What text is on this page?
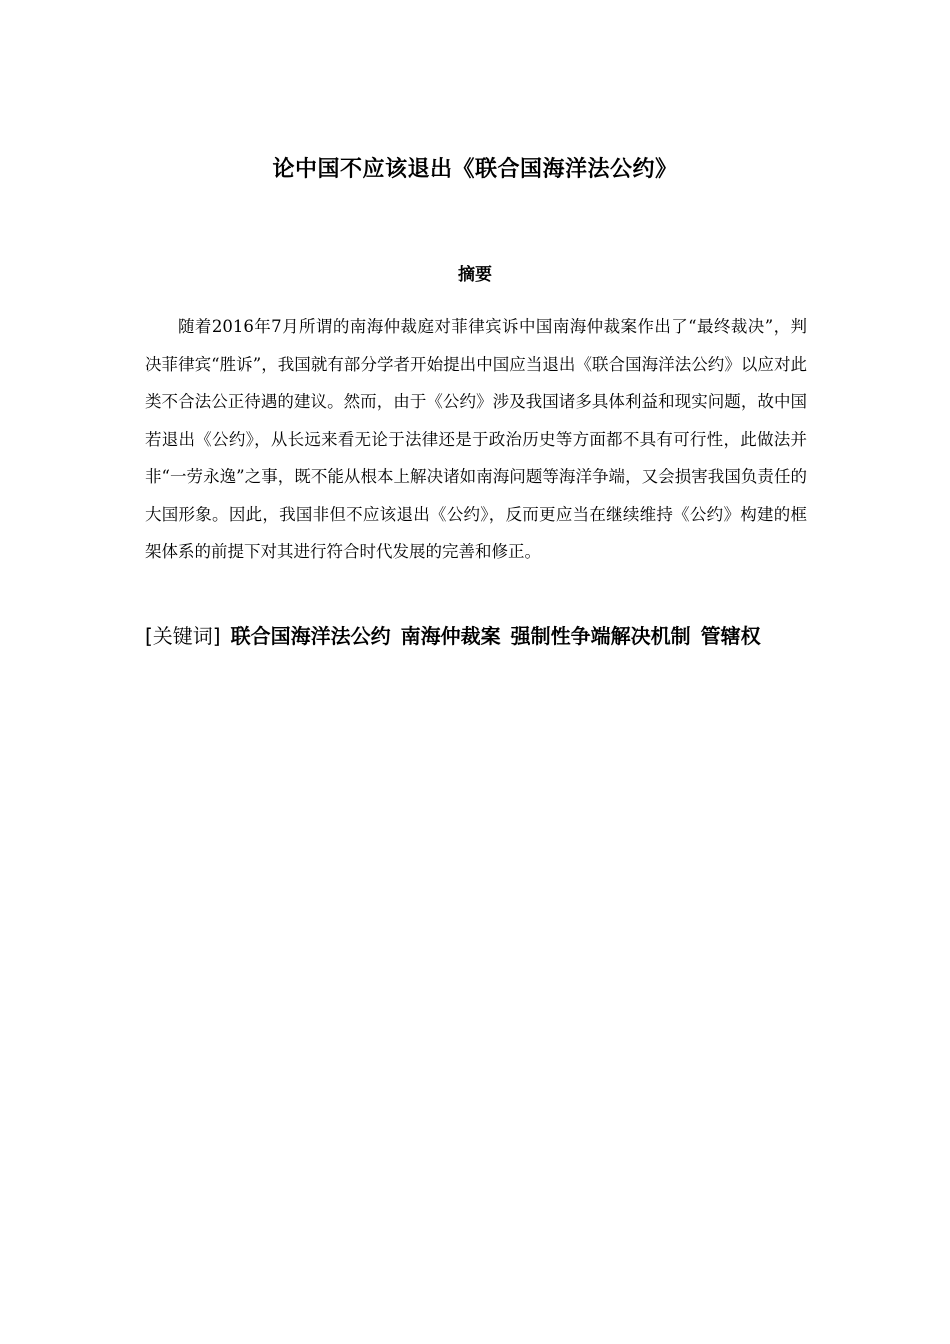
论中国不应该退出《联合国海洋法公约》
摘要

随着2016年7月所谓的南海仲裁庭对菲律宾诉中国南海仲裁案作出了“最终裁决”，判决菲律宾“胜诉”，我国就有部分学者开始提出中国应当退出《联合国海洋法公约》以应对此类不合法公正待遇的建议。然而，由于《公约》涉及我国诸多具体利益和现实问题，故中国若退出《公约》，从长远来看无论于法律还是于政治历史等方面都不具有可行性，此做法并非“一劳永逸”之事，既不能从根本上解决诸如南海问题等海洋争端，又会损害我国负责任的大国形象。因此，我国非但不应该退出《公约》，反而更应当在继续维持《公约》构建的框架体系的前提下对其进行符合时代发展的完善和修正。

[关键词] 联合国海洋法公约 南海仲裁案 强制性争端解决机制 管辖权
